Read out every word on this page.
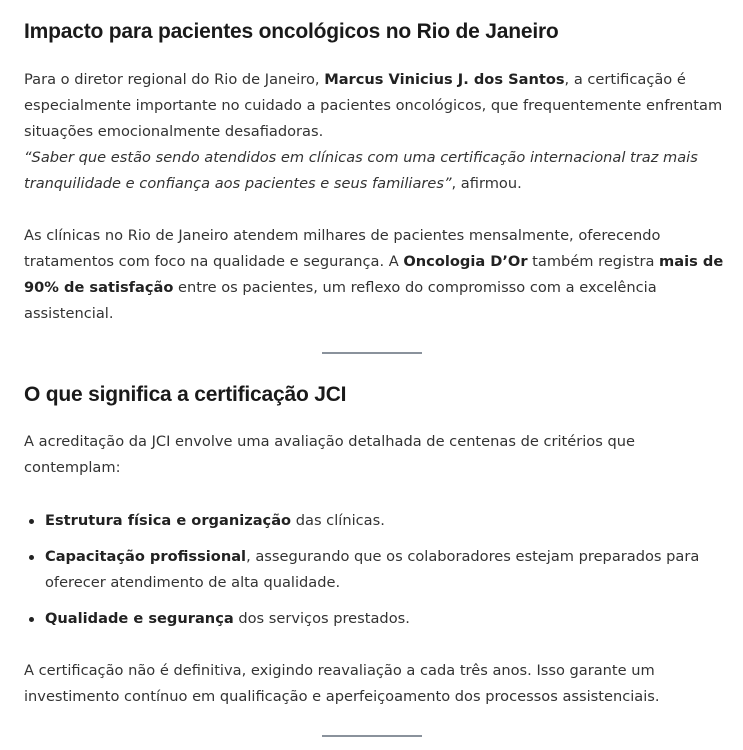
Impacto para pacientes oncológicos no Rio de Janeiro

Para o diretor regional do Rio de Janeiro, Marcus Vinicius J. dos Santos, a certificação é especialmente importante no cuidado a pacientes oncológicos, que frequentemente enfrentam situações emocionalmente desafiadoras.
“Saber que estão sendo atendidos em clínicas com uma certificação internacional traz mais tranquilidade e confiança aos pacientes e seus familiares”, afirmou.

As clínicas no Rio de Janeiro atendem milhares de pacientes mensalmente, oferecendo tratamentos com foco na qualidade e segurança. A Oncologia D’Or também registra mais de 90% de satisfação entre os pacientes, um reflexo do compromisso com a excelência assistencial.

O que significa a certificação JCI

A acreditação da JCI envolve uma avaliação detalhada de centenas de critérios que contemplam:

Estrutura física e organização das clínicas.
Capacitação profissional, assegurando que os colaboradores estejam preparados para oferecer atendimento de alta qualidade.
Qualidade e segurança dos serviços prestados.

A certificação não é definitiva, exigindo reavaliação a cada três anos. Isso garante um investimento contínuo em qualificação e aperfeiçoamento dos processos assistenciais.
